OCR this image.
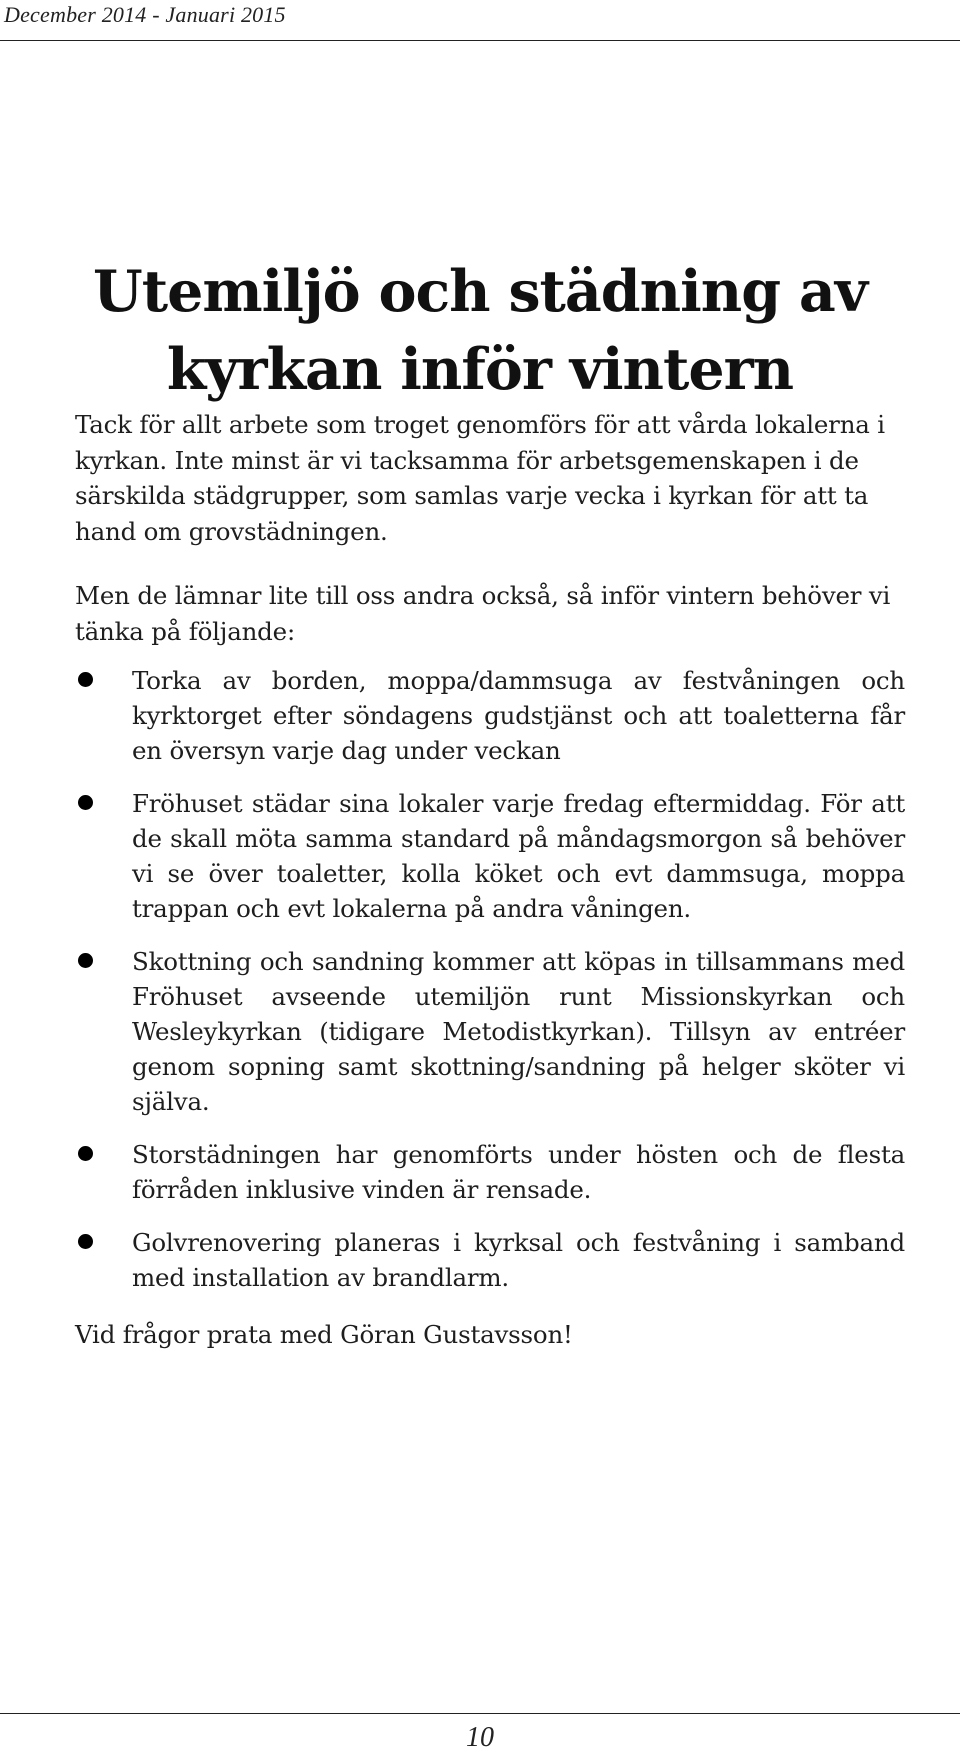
December 2014 - Januari 2015
Utemiljö och städning av
kyrkan inför vintern

Tack för allt arbete som troget genomförs för att vårda lokalerna i kyrkan. Inte minst är vi tacksamma för arbetsgemenskapen i de särskilda städgrupper, som samlas varje vecka i kyrkan för att ta hand om grovstädningen.

Men de lämnar lite till oss andra också, så inför vintern behöver vi tänka på följande:

Torka av borden, moppa/dammsuga av festvåningen och kyrktorget efter söndagens gudstjänst och att toaletterna får en översyn varje dag under veckan
Fröhuset städar sina lokaler varje fredag eftermiddag. För att de skall möta samma standard på måndagsmorgon så behöver vi se över toaletter, kolla köket och evt dammsuga, moppa trappan och evt lokalerna på andra våningen.
Skottning och sandning kommer att köpas in tillsammans med Fröhuset avseende utemiljön runt Missionskyrkan och Wesleykyrkan (tidigare Metodistkyrkan). Tillsyn av entréer genom sopning samt skottning/sandning på helger sköter vi själva.
Storstädningen har genomförts under hösten och de flesta förråden inklusive vinden är rensade.
Golvrenovering planeras i kyrksal och festvåning i samband med installation av brandlarm.

Vid frågor prata med Göran Gustavsson!

10
